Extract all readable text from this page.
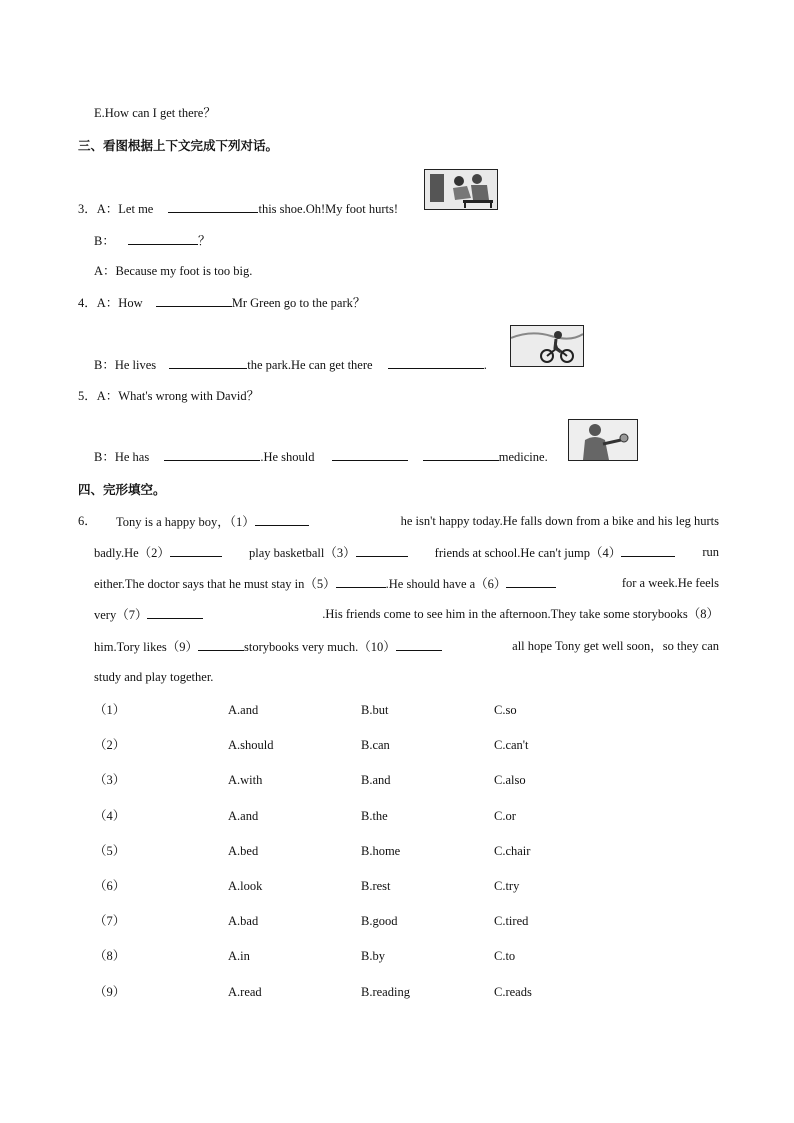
E.How can I get there？
三、看图根据上下文完成下列对话。
3．A：Let me	this shoe.Oh!My foot hurts!
B：	？
A：Because my foot is too big.
4．A：How	Mr Green go to the park？
B：He lives	the park.He can get there	.
5．A：What's wrong with David？
B：He has	.He should	medicine.
四、完形填空。
6． Tony is a happy boy，（1）	he isn't happy today.He falls down from a bike and his leg hurts
badly.He（2）	play basketball（3）	friends at school.He can't jump（4）	run
either.The doctor says that he must stay in（5）	.He should have a（6）	for a week.He feels
very（7）	.His friends come to see him in the afternoon.They take some storybooks（8）
him.Tory likes（9）	storybooks very much.（10）	all hope Tony get well soon，so they can
study and play together.
（1）	A.and	B.but	C.so
（2）	A.should	B.can	C.can't
（3）	A.with	B.and	C.also
（4）	A.and	B.the	C.or
（5）	A.bed	B.home	C.chair
（6）	A.look	B.rest	C.try
（7）	A.bad	B.good	C.tired
（8）	A.in	B.by	C.to
（9）	A.read	B.reading	C.reads
